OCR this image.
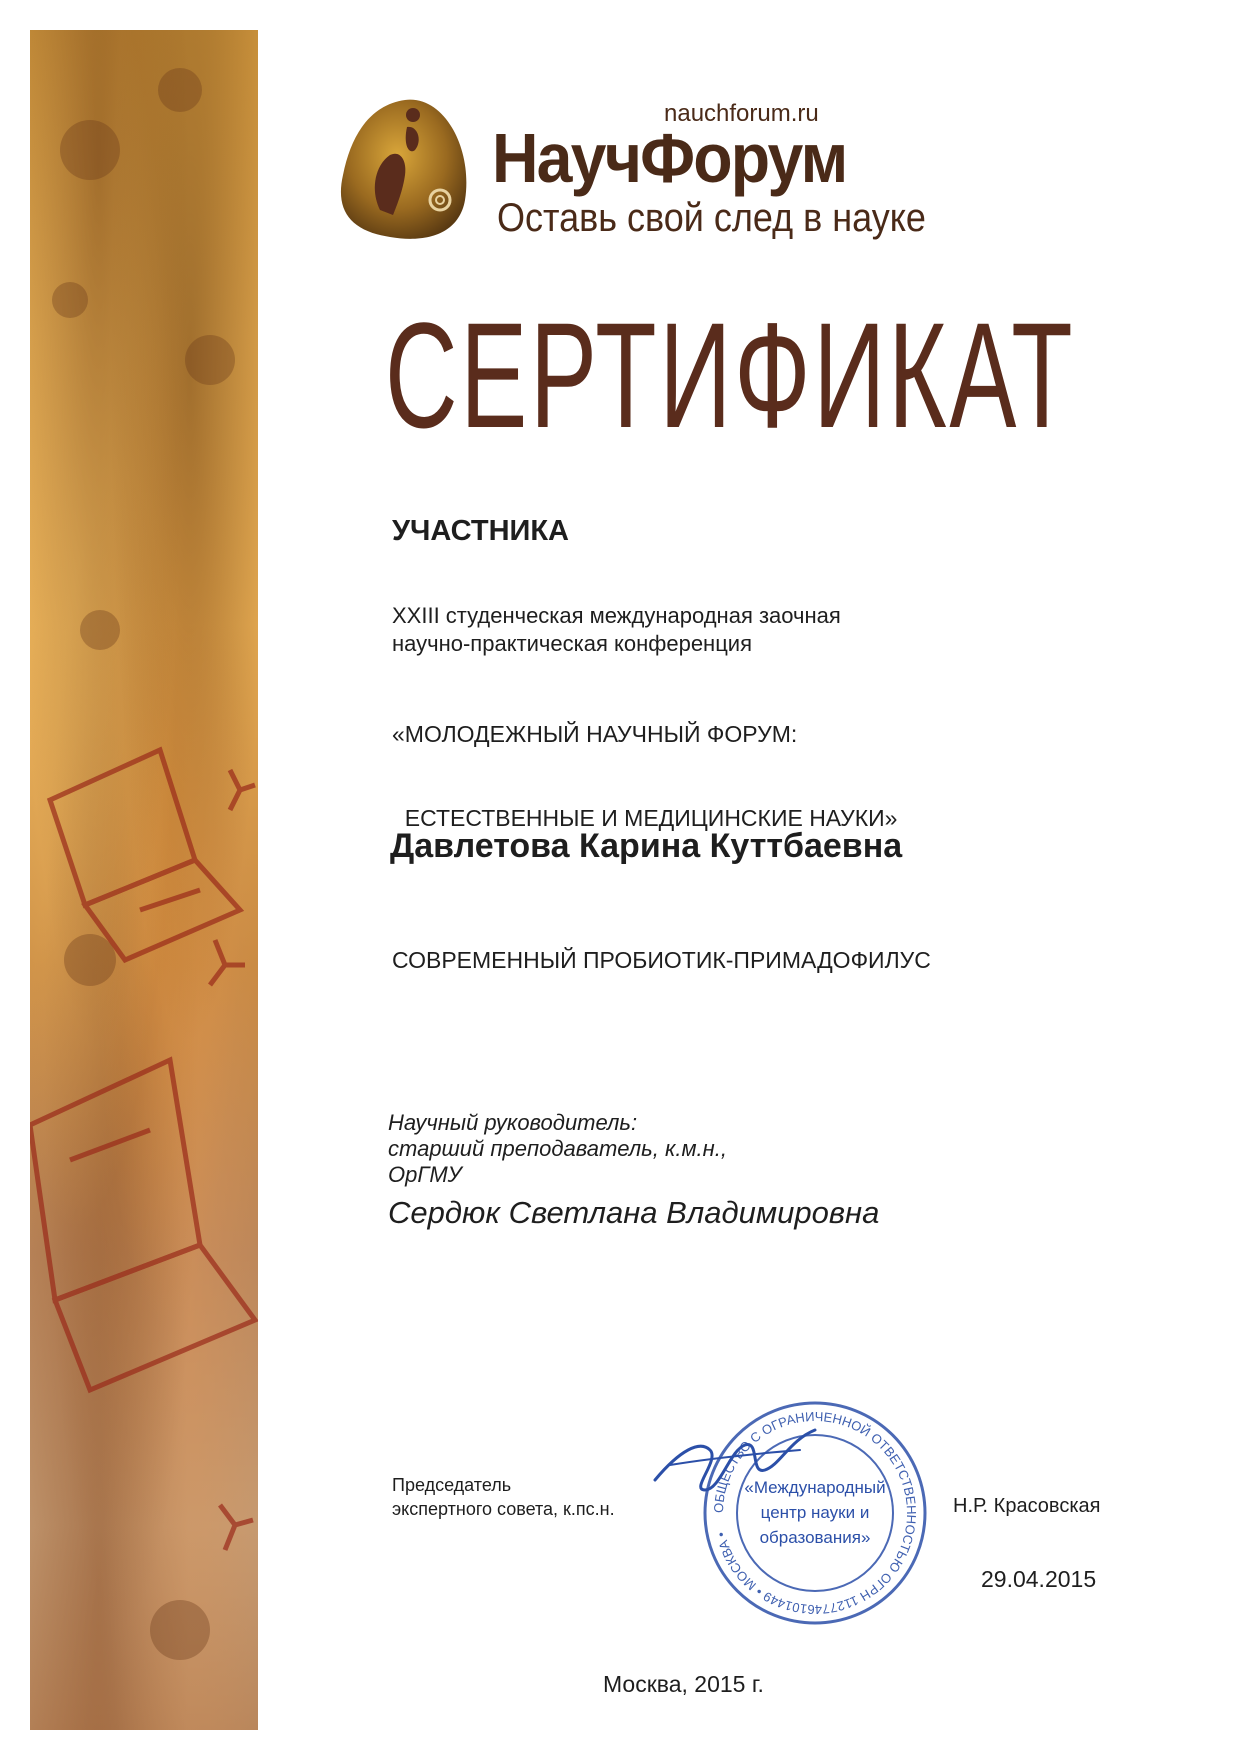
nauchforum.ru
НаучФорум
Оставь свой след в науке
СЕРТИФИКАТ
УЧАСТНИКА
XXIII студенческая международная заочная
научно-практическая конференция

«МОЛОДЕЖНЫЙ НАУЧНЫЙ ФОРУМ:

ЕСТЕСТВЕННЫЕ И МЕДИЦИНСКИЕ НАУКИ»

Давлетова Карина Куттбаевна
СОВРЕМЕННЫЙ ПРОБИОТИК-ПРИМАДОФИЛУС
Научный руководитель:
старший преподаватель, к.м.н.,
ОрГМУ
Сердюк Светлана Владимировна
Председатель
экспертного совета, к.пс.н.	ОБЩЕСТВО С ОГРАНИЧЕННОЙ ОТВЕТСТВЕННОСТЬЮ ОГРН 1127746101449 • МОСКВА •
«Международный
центр науки и
образования»
Н.Р. Красовская
29.04.2015
Москва, 2015 г.
